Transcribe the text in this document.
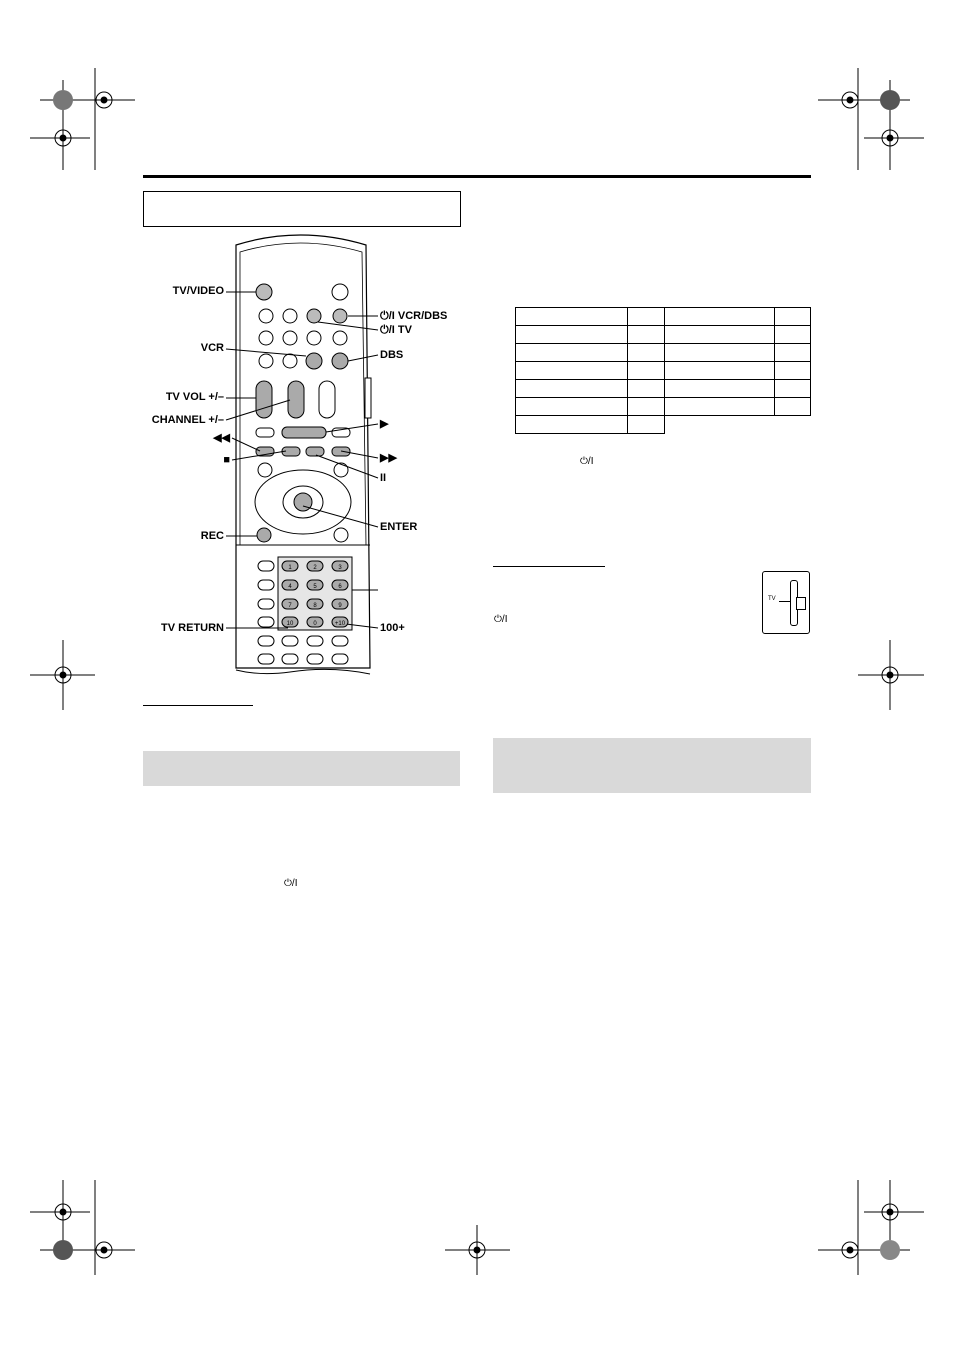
1	2	3
4	5	6
7	8	9
10	0	+10
TV/VIDEO
VCR
TV VOL +/–
CHANNEL +/–
◀◀
■
REC
TV RETURN
⏻/I VCR/DBS
⏻/I TV
DBS
▶
▶▶
II
ENTER
100+
⏻/I

⏻/I
⏻/I
TV
